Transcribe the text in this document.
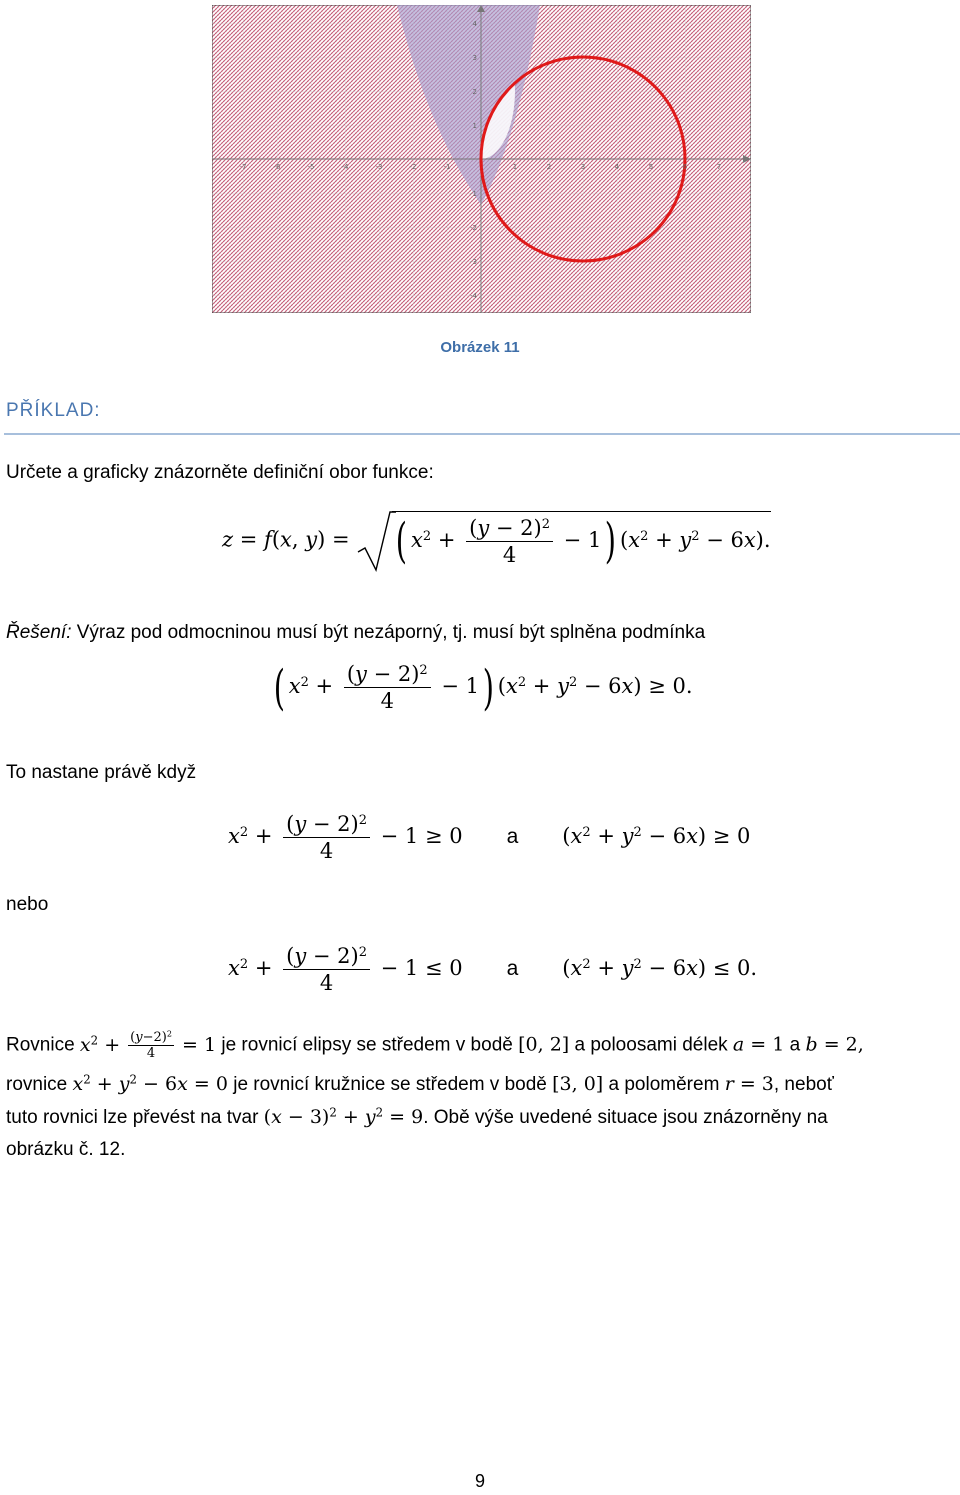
-7	-6	-5	-4	-3	-2	-1	1	2	3	4	5	6	7
4
3
2
1
-1
-2
-3
-4
Obrázek 11
PŘÍKLAD:
Určete a graficky znázorněte definiční obor funkce:
z = f(x, y) = ( $x^2 + \frac{(y - 2)^2}{4} - 1$) $(x^2 + y^2 - 6x)$.
Řešení: Výraz pod odmocninou musí být nezáporný, tj. musí být splněna podmínka
( $x^2 + \frac{(y - 2)^2}{4} - 1$) $(x^2 + y^2 - 6x) \ge 0$.
To nastane právě když
$x^2 + \frac{(y - 2)^2}{4} - 1 \ge 0$ a $(x^2 + y^2 - 6x) \ge 0$
nebo
$x^2 + \frac{(y - 2)^2}{4} - 1 \le 0$ a $(x^2 + y^2 - 6x) \le 0$.
Rovnice $x^2 + \frac{(y-2)^2}{4} = 1$ je rovnicí elipsy se středem v bodě [0, 2] a poloosami délek a = 1 a b = 2,
rovnice $x^2 + y^2 - 6x = 0$ je rovnicí kružnice se středem v bodě [3, 0] a poloměrem r = 3, neboť
tuto rovnici lze převést na tvar $(x - 3)^2 + y^2 = 9$. Obě výše uvedené situace jsou znázorněny na
obrázku č. 12.
9
